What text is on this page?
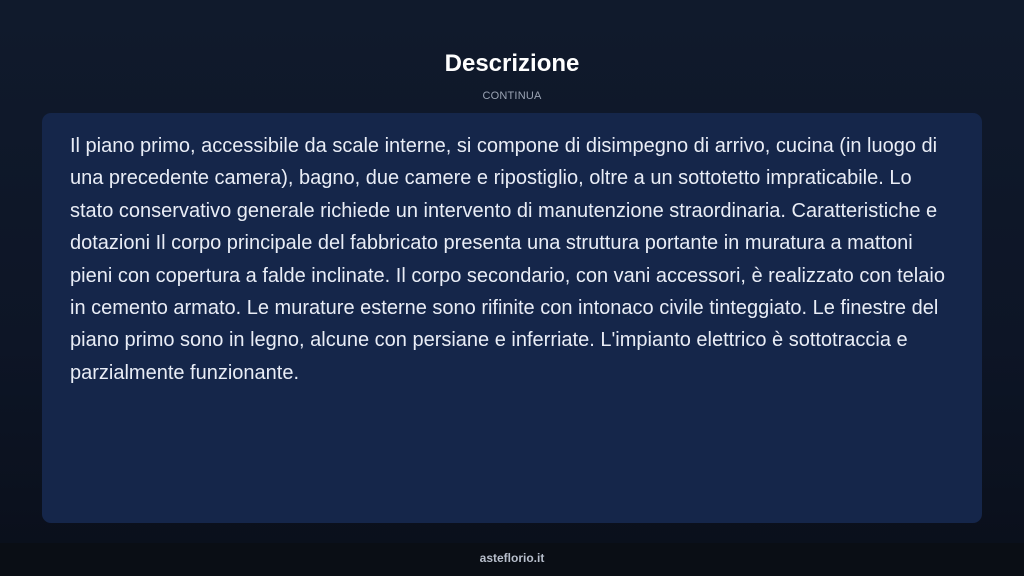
Descrizione
CONTINUA

Il piano primo, accessibile da scale interne, si compone di disimpegno di arrivo, cucina (in luogo di una precedente camera), bagno, due camere e ripostiglio, oltre a un sottotetto impraticabile. Lo stato conservativo generale richiede un intervento di manutenzione straordinaria. Caratteristiche e dotazioni Il corpo principale del fabbricato presenta una struttura portante in muratura a mattoni pieni con copertura a falde inclinate. Il corpo secondario, con vani accessori, è realizzato con telaio in cemento armato. Le murature esterne sono rifinite con intonaco civile tinteggiato. Le finestre del piano primo sono in legno, alcune con persiane e inferriate. L'impianto elettrico è sottotraccia e parzialmente funzionante.

asteflorio.it
